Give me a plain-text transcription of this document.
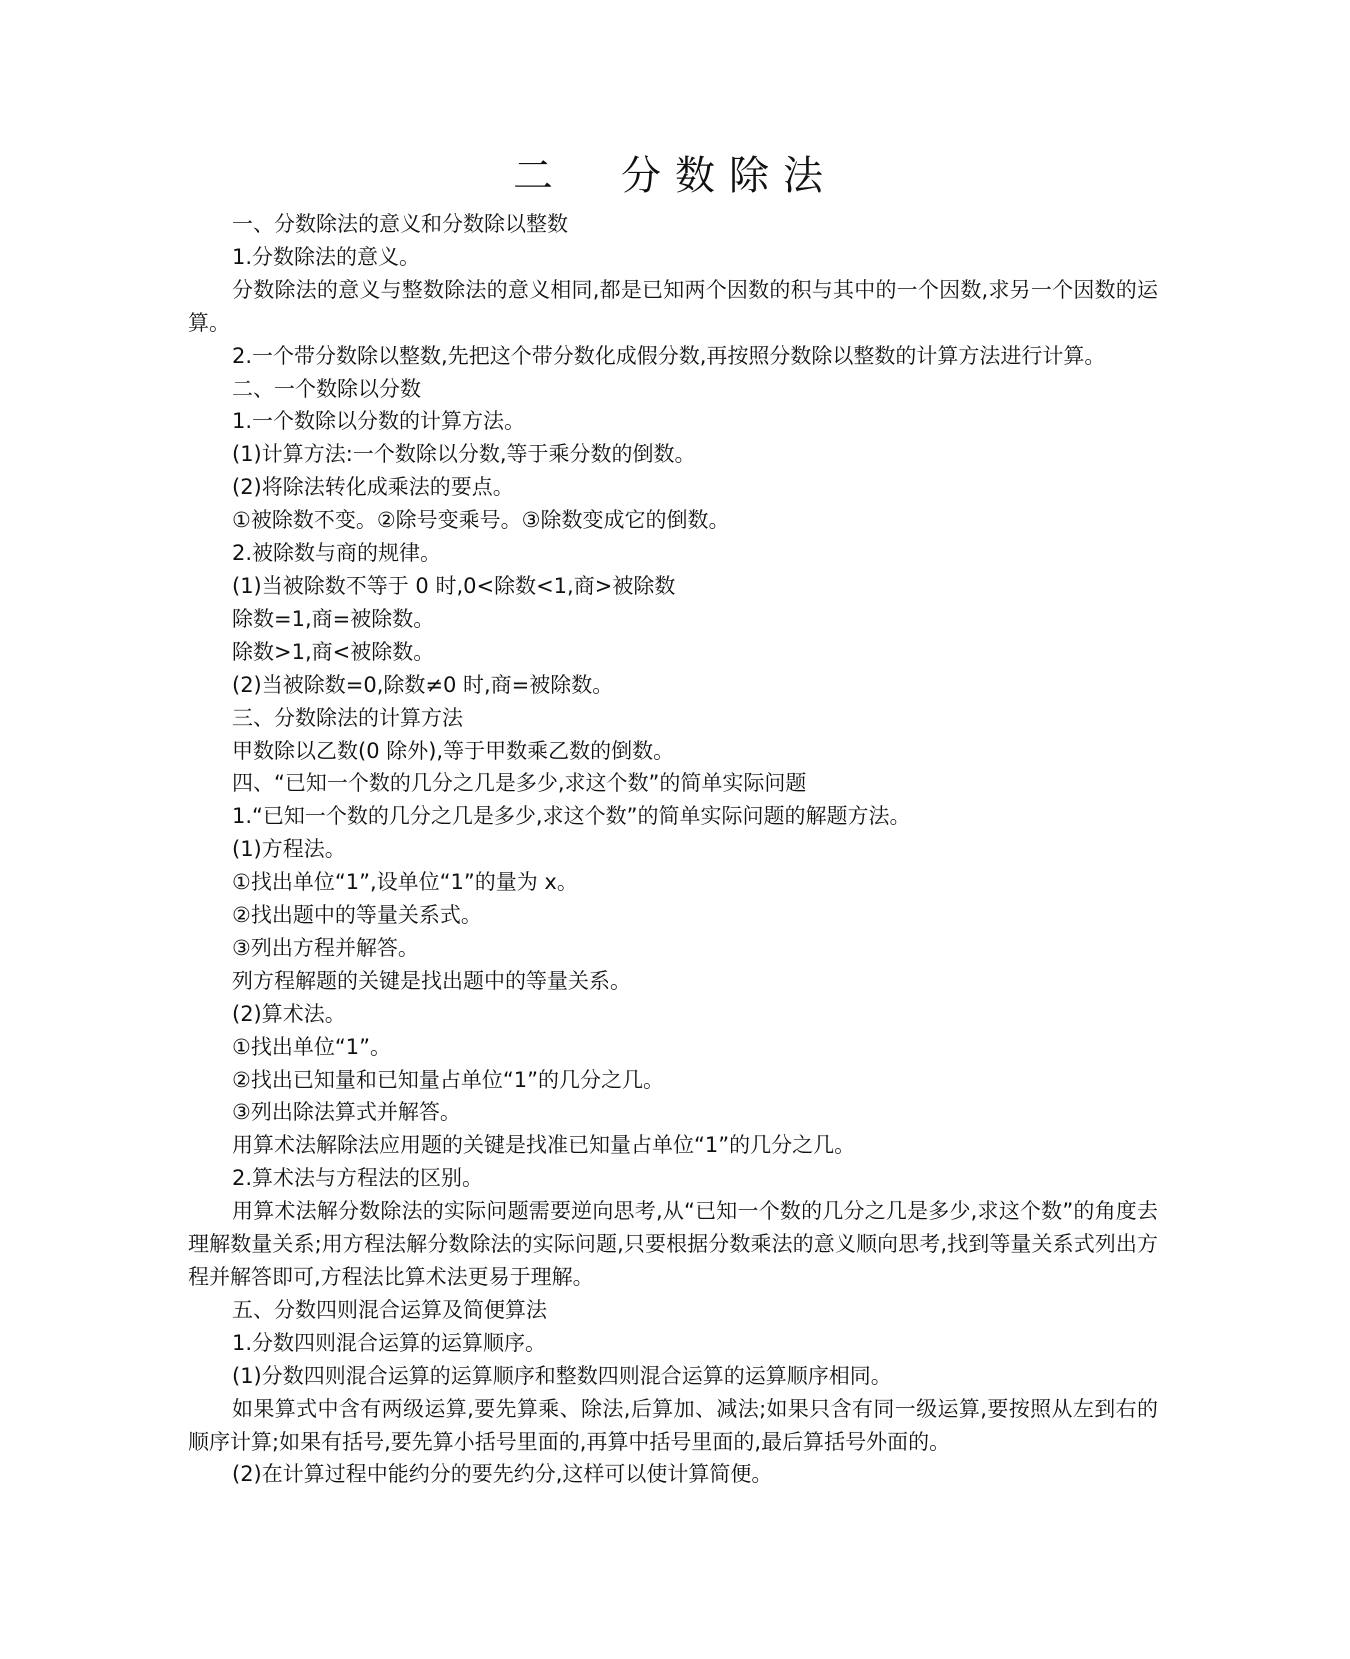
二　分数除法

一、分数除法的意义和分数除以整数

1.分数除法的意义。

分数除法的意义与整数除法的意义相同,都是已知两个因数的积与其中的一个因数,求另一个因数的运算。

2.一个带分数除以整数,先把这个带分数化成假分数,再按照分数除以整数的计算方法进行计算。

二、一个数除以分数

1.一个数除以分数的计算方法。

(1)计算方法:一个数除以分数,等于乘分数的倒数。

(2)将除法转化成乘法的要点。

①被除数不变。②除号变乘号。③除数变成它的倒数。

2.被除数与商的规律。

(1)当被除数不等于 0 时,0<除数<1,商>被除数

除数=1,商=被除数。

除数>1,商<被除数。

(2)当被除数=0,除数≠0 时,商=被除数。

三、分数除法的计算方法

甲数除以乙数(0 除外),等于甲数乘乙数的倒数。

四、“已知一个数的几分之几是多少,求这个数”的简单实际问题

1.“已知一个数的几分之几是多少,求这个数”的简单实际问题的解题方法。

(1)方程法。

①找出单位“1”,设单位“1”的量为 x。

②找出题中的等量关系式。

③列出方程并解答。

列方程解题的关键是找出题中的等量关系。

(2)算术法。

①找出单位“1”。

②找出已知量和已知量占单位“1”的几分之几。

③列出除法算式并解答。

用算术法解除法应用题的关键是找准已知量占单位“1”的几分之几。

2.算术法与方程法的区别。

用算术法解分数除法的实际问题需要逆向思考,从“已知一个数的几分之几是多少,求这个数”的角度去理解数量关系;用方程法解分数除法的实际问题,只要根据分数乘法的意义顺向思考,找到等量关系式列出方程并解答即可,方程法比算术法更易于理解。

五、分数四则混合运算及简便算法

1.分数四则混合运算的运算顺序。

(1)分数四则混合运算的运算顺序和整数四则混合运算的运算顺序相同。

如果算式中含有两级运算,要先算乘、除法,后算加、减法;如果只含有同一级运算,要按照从左到右的顺序计算;如果有括号,要先算小括号里面的,再算中括号里面的,最后算括号外面的。

(2)在计算过程中能约分的要先约分,这样可以使计算简便。
